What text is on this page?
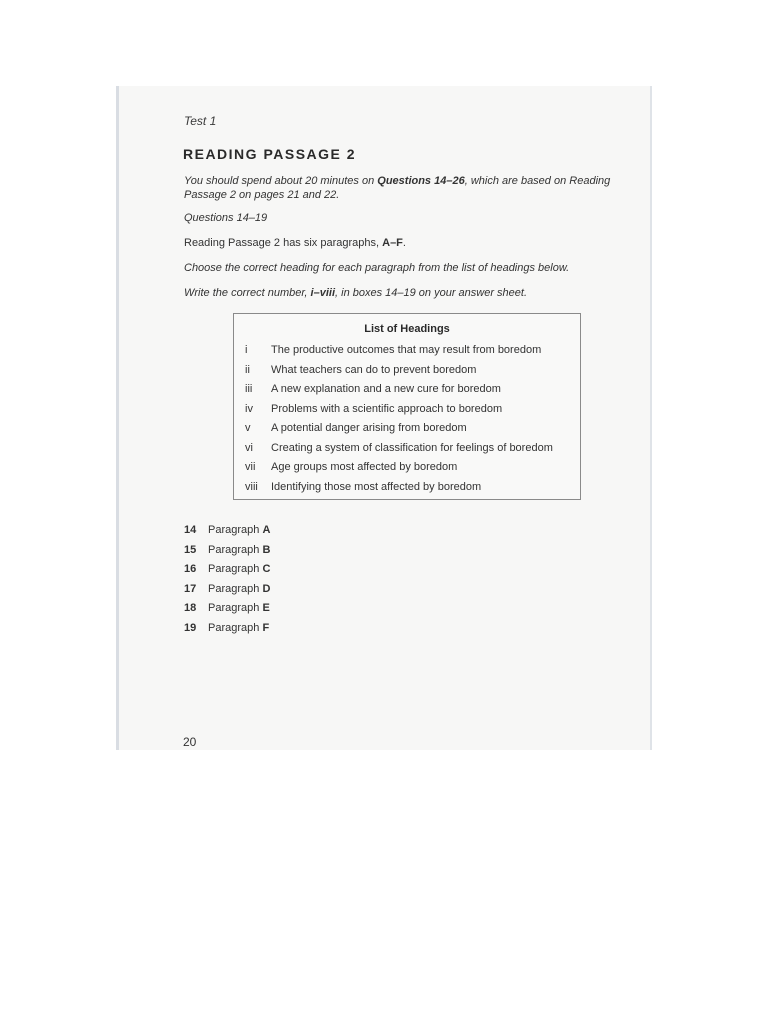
Test 1

READING PASSAGE 2

You should spend about 20 minutes on Questions 14–26, which are based on Reading Passage 2 on pages 21 and 22.

Questions 14–19

Reading Passage 2 has six paragraphs, A–F.

Choose the correct heading for each paragraph from the list of headings below.

Write the correct number, i–viii, in boxes 14–19 on your answer sheet.

List of Headings
i The productive outcomes that may result from boredom
ii What teachers can do to prevent boredom
iii A new explanation and a new cure for boredom
iv Problems with a scientific approach to boredom
v A potential danger arising from boredom
vi Creating a system of classification for feelings of boredom
vii Age groups most affected by boredom
viii Identifying those most affected by boredom
14 Paragraph A
15 Paragraph B
16 Paragraph C
17 Paragraph D
18 Paragraph E
19 Paragraph F

20
